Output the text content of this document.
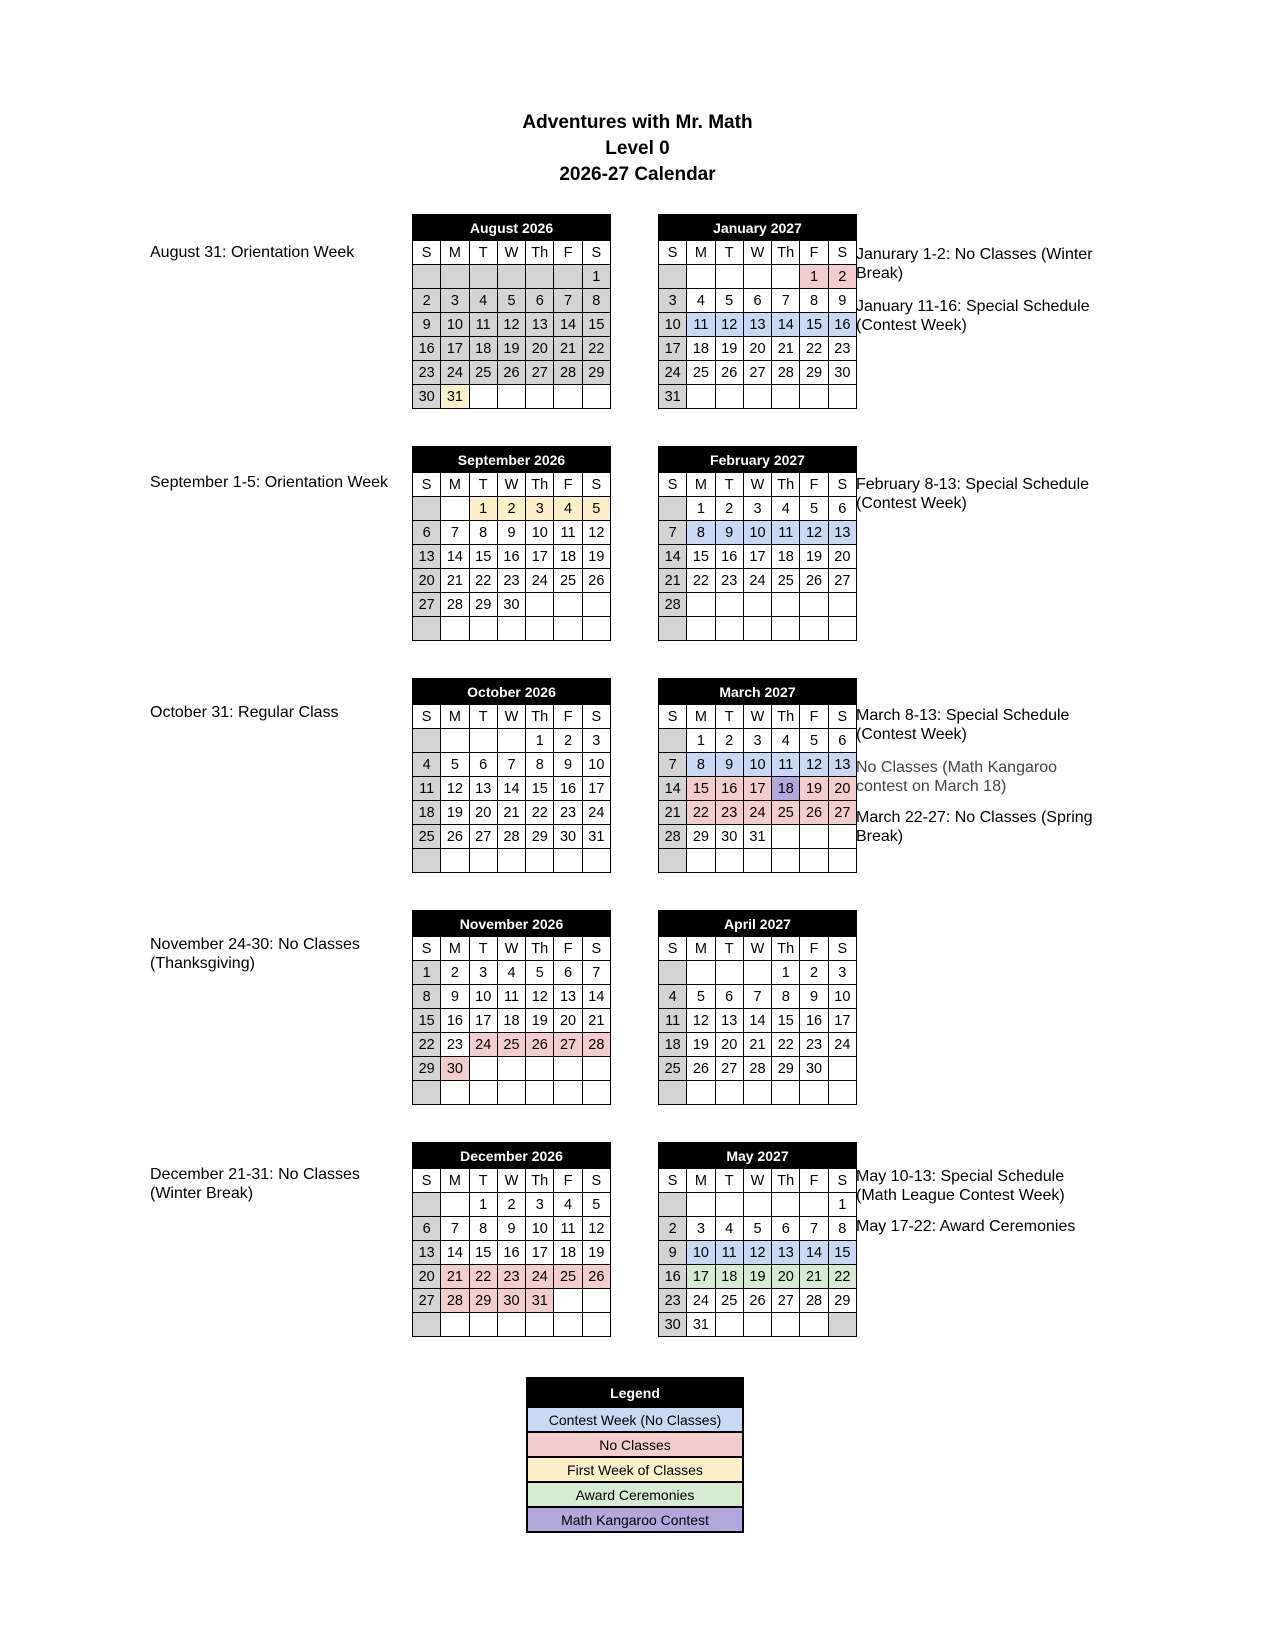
Adventures with Mr. Math
Level 0
2026-27 Calendar
August 2026						
S	M	T	W	Th	F	S
						1
2	3	4	5	6	7	8
9	10	11	12	13	14	15
16	17	18	19	20	21	22
23	24	25	26	27	28	29
30	31					
September 2026						
S	M	T	W	Th	F	S
		1	2	3	4	5
6	7	8	9	10	11	12
13	14	15	16	17	18	19
20	21	22	23	24	25	26
27	28	29	30			

October 2026						
S	M	T	W	Th	F	S
				1	2	3
4	5	6	7	8	9	10
11	12	13	14	15	16	17
18	19	20	21	22	23	24
25	26	27	28	29	30	31

November 2026						
S	M	T	W	Th	F	S
1	2	3	4	5	6	7
8	9	10	11	12	13	14
15	16	17	18	19	20	21
22	23	24	25	26	27	28
29	30					

December 2026						
S	M	T	W	Th	F	S
		1	2	3	4	5
6	7	8	9	10	11	12
13	14	15	16	17	18	19
20	21	22	23	24	25	26
27	28	29	30	31		

January 2027						
S	M	T	W	Th	F	S
					1	2
3	4	5	6	7	8	9
10	11	12	13	14	15	16
17	18	19	20	21	22	23
24	25	26	27	28	29	30
31						
February 2027						
S	M	T	W	Th	F	S
	1	2	3	4	5	6
7	8	9	10	11	12	13
14	15	16	17	18	19	20
21	22	23	24	25	26	27
28						

March 2027						
S	M	T	W	Th	F	S
	1	2	3	4	5	6
7	8	9	10	11	12	13
14	15	16	17	18	19	20
21	22	23	24	25	26	27
28	29	30	31			

April 2027						
S	M	T	W	Th	F	S
				1	2	3
4	5	6	7	8	9	10
11	12	13	14	15	16	17
18	19	20	21	22	23	24
25	26	27	28	29	30	

May 2027						
S	M	T	W	Th	F	S
						1
2	3	4	5	6	7	8
9	10	11	12	13	14	15
16	17	18	19	20	21	22
23	24	25	26	27	28	29
30	31					
August 31: Orientation Week
September 1-5: Orientation Week
October 31: Regular Class
November 24-30: No Classes (Thanksgiving)
December 21-31: No Classes (Winter Break)
Janurary 1-2: No Classes (Winter Break)
January 11-16: Special Schedule (Contest Week)
February 8-13: Special Schedule (Contest Week)
March 8-13: Special Schedule (Contest Week)
No Classes (Math Kangaroo contest on March 18)
March 22-27: No Classes (Spring Break)
May 10-13: Special Schedule (Math League Contest Week)
May 17-22: Award Ceremonies
Legend
Contest Week (No Classes)
No Classes
First Week of Classes
Award Ceremonies
Math Kangaroo Contest
